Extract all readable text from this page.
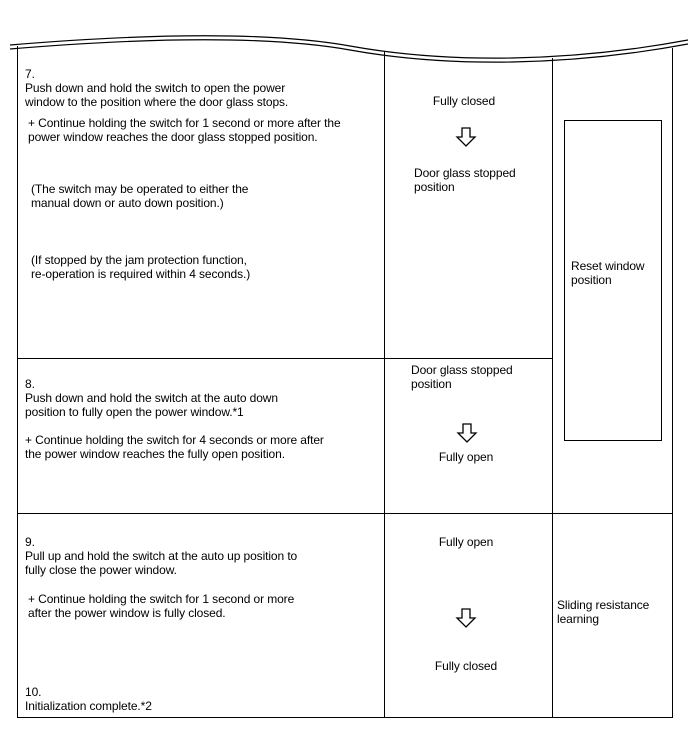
7.
Push down and hold the switch to open the power
window to the position where the door glass stops.

+ Continue holding the switch for 1 second or more after the
power window reaches the door glass stopped position.
(The switch may be operated to either the
manual down or auto down position.)
(If stopped by the jam protection function,
re-operation is required within 4 seconds.)
Fully closed
Door glass stopped
position

8.
Push down and hold the switch at the auto down
position to fully open the power window.*1

+ Continue holding the switch for 4 seconds or more after
the power window reaches the fully open position.
Door glass stopped
position
Fully open

9.
Pull up and hold the switch at the auto up position to
fully close the power window.

+ Continue holding the switch for 1 second or more
after the power window is fully closed.
Fully open
Fully closed

10.
Initialization complete.*2

Reset window
position
Sliding resistance
learning
